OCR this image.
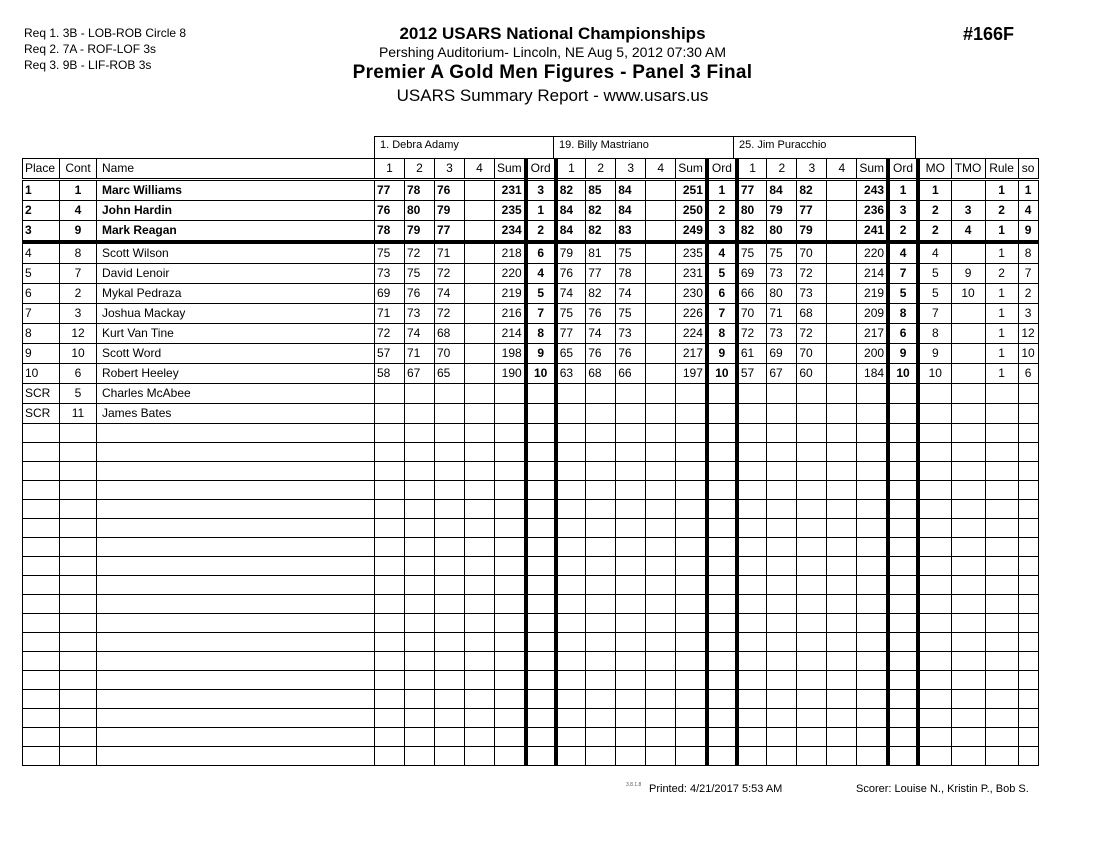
Req 1. 3B - LOB-ROB Circle 8
Req 2. 7A - ROF-LOF 3s
Req 3. 9B - LIF-ROB 3s
2012 USARS National Championships
Pershing Auditorium- Lincoln, NE Aug 5, 2012 07:30 AM
Premier A Gold Men Figures - Panel 3 Final
USARS Summary Report - www.usars.us
#166F
1. Debra Adamy	19. Billy Mastriano	25. Jim Puracchio
Place	Cont	Name	1	2	3	4	Sum	Ord	1	2	3	4	Sum	Ord	1	2	3	4	Sum	Ord	MO	TMO	Rule	so
1	1	Marc Williams	77	78	76		231	3	82	85	84		251	1	77	84	82		243	1	1		1	1
2	4	John Hardin	76	80	79		235	1	84	82	84		250	2	80	79	77		236	3	2	3	2	4
3	9	Mark Reagan	78	79	77		234	2	84	82	83		249	3	82	80	79		241	2	2	4	1	9
4	8	Scott Wilson	75	72	71		218	6	79	81	75		235	4	75	75	70		220	4	4		1	8
5	7	David Lenoir	73	75	72		220	4	76	77	78		231	5	69	73	72		214	7	5	9	2	7
6	2	Mykal Pedraza	69	76	74		219	5	74	82	74		230	6	66	80	73		219	5	5	10	1	2
7	3	Joshua Mackay	71	73	72		216	7	75	76	75		226	7	70	71	68		209	8	7		1	3
8	12	Kurt Van Tine	72	74	68		214	8	77	74	73		224	8	72	73	72		217	6	8		1	12
9	10	Scott Word	57	71	70		198	9	65	76	76		217	9	61	69	70		200	9	9		1	10
10	6	Robert Heeley	58	67	65		190	10	63	68	66		197	10	57	67	60		184	10	10		1	6
SCR	5	Charles McAbee																						
SCR	11	James Bates																						

3.8.1.8 Printed: 4/21/2017 5:53 AM	Scorer: Louise N., Kristin P., Bob S.
